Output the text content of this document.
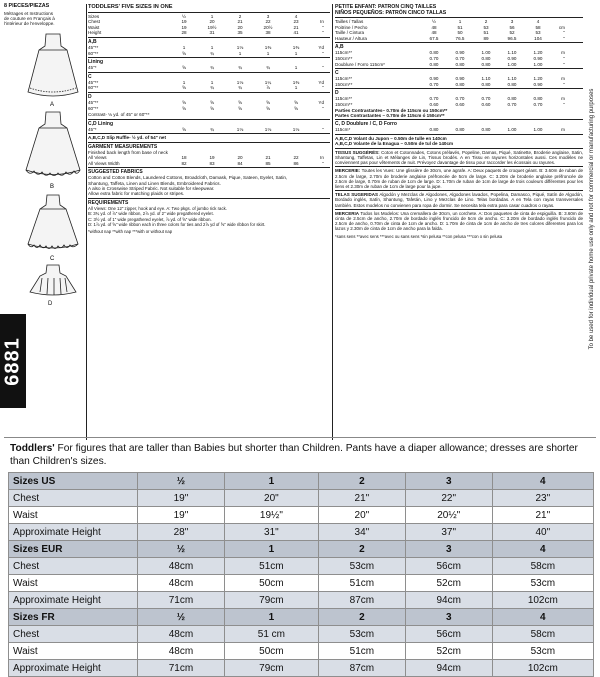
8 PIECES/PIEZAS
Métrages et Instructions
de couture en Français à
l'intérieur de l'enveloppe.
A
B
C
D
6881
TODDLERS' FIVE SIZES IN ONE
Sizes	½	1	2	3	4
Chest	19	20	21	22	23	In
Waist	19	19½	20	20½	21	"
Height	28	31	35	38	41	"
A,B
45"**	1	1	1⅛	1⅜	1⅜	Yd
60"**	⅝	¾	1	1	1	"
Lining
45"*	⅝	¾	¾	¾	1	"
C
45"**	1	1	1⅛	1¼	1⅜	Yd
60"**	⅝	¾	¾	⅞	1	"
D
45"**	⅝	⅝	⅝	⅝	⅝	Yd
60"**	⅝	⅝	⅝	⅝	⅝	"
Contrast- ⅛ yd. of 45" or 60"**
C,D Lining
45"*	⅝	¾	1⅛	1⅛	1⅛	"
A,B,C,D Slip Ruffle- ½ yd. of 54" net
GARMENT MEASUREMENTS
Finished back length from base of neck
All Views	18	19	20	21	22	In
All Views Width	82	83	84	85	86	"
SUGGESTED FABRICS
Cotton and Cotton Blends, Laundered Cottons, Broadcloth, Damask, Pique, Sateen, Eyelet, Satin,
Shantung, Taffeta, Linen and Linen Blends, Embroidered Fabrics.
A also in Crosswise Striped Fabric. Not suitable for sleepwear.
Allow extra fabric for matching plaids or stripes.
REQUIREMENTS
All Views: One 12" zipper, hook and eye. A: Two pkgs. of jumbo rick rack.
B: 3¾ yd. of ⅞" wide ribbon, 2⅞ yd. of 2" wide pregathered eyelet.
C: 3½ yd. of 1" wide pregathered eyelet, ⅞ yd. of ⅝" wide ribbon.
D: 1⅞ yd. of ⅝" wide ribbon each in three colors for ties and 2⅞ yd of ⅝" wide ribbon for skirt.
*without nap **with nap ***with or without nap
PETITE ENFANT: PATRON CINQ TAILLES
NIÑOS PEQUEÑOS: PATRÓN CINCO TALLAS
Tailles / Tallas	½	1	2	3	4
Poitrine / Pecho	48	51	53	56	58	cm
Taille / Cintura	48	50	51	52	53	"
Hauteur / Altura	67.5	76.5	89	96.5	104	"
A,B
115cm**	0.80	0.90	1.00	1.10	1.20	m
150cm**	0.70	0.70	0.80	0.90	0.90	"
Doublure / Forro 115cm*	0.80	0.80	0.80	1.00	1.00	"
C
115cm**	0.90	0.90	1.10	1.10	1.20	m
150cm**	0.70	0.80	0.80	0.80	0.90	"
D
115cm**	0.70	0.70	0.70	0.80	0.80	m
150cm**	0.60	0.60	0.60	0.70	0.70	"
Parties Contrastantes– 0.70m de 115cm ou 150cm**
Partes Contrastantes – 0.70m de 115cm ó 150cm**
C, D Doublure / C, D Forro
115cm*	0.80	0.80	0.80	1.00	1.00	m
A,B,C,D Volant du Jupon – 0.50m de tulle en 140cm
A,B,C,D Volante de la Enagua – 0.50m de tul de 140cm
TISSUS SUGGÉRÉS: Coton et Cotonnades, Cotons prélavés, Popeline, Damas, Piqué, Satinette, Broderie anglaise, Satin, Shantung, Taffetas, Lin et Mélanges de Lin, Tissus brodés. A en Tissu en rayures horizontales aussi. Ces modèles ne conviennent pas pour vêtements de nuit. Prévoyez davantage de tissu pour raccorder les écossais ou rayures.
MERCERIE: Toutes les Vues: Une glissière de 30cm, une agrafe. A: Deux paquets de croquet géant. B: 3.60m de ruban de 2.5cm de large, 2.70m de broderie anglaise préfroncée de 5cm de large. C: 3.20m de broderie anglaise préfroncée de 2.5cm de large, 0.70m de ruban de 1cm de large. D: 1.70m de ruban de 1cm de large de trois couleurs différentes pour les liens et 2.30m de ruban de 1cm de large pour la jupe.
TELAS SUGERIDAS Algodón y Mezclas de Algodones, Algodones lavados, Popelina, Damasco, Piqué, Satín de Algodón, Bordado inglés, Satín, Shantung, Tafetán, Lino y Mezclas de Lino. Telas bordadas. A en Tela con rayas transversales también. Estos modelos no convienen para ropa de dormir. Se necesita tela extra para casar cuadros o rayas.
MERCERIA Todos los Modelos: Una cremallera de 30cm, un corchete. A: Dos paquetes de cinta de espiguilla. B: 3.60m de cinta de 2.5cm de ancho, 2.70m de bordado inglés fruncido de 5cm de ancho. C: 3.20m de bordado inglés fruncido de 2.5cm de ancho, 0.70m de cinta de 1cm de ancho. D: 1.70m de cinta de 1cm de ancho de tres colores diferentes para los lazos y 2.30m de cinta de 1cm de ancho para la falda.
*sans sens **avec sens ***avec ou sans sens *sin pelusa **con pelusa ***con o sin pelusa	To be used for individual private home use only and not for commercial or manufacturing purposes
Toddlers' For figures that are taller than Babies but shorter than Children. Pants have a diaper allowance; dresses are shorter than Children's sizes.
Sizes US	½	1	2	3	4
Chest	19"	20"	21"	22"	23"
Waist	19"	19½"	20"	20½"	21"
Approximate Height	28"	31"	34"	37"	40"
Sizes EUR	½	1	2	3	4
Chest	48cm	51cm	53cm	56cm	58cm
Waist	48cm	50cm	51cm	52cm	53cm
Approximate Height	71cm	79cm	87cm	94cm	102cm
Sizes FR	½	1	2	3	4
Chest	48cm	51 cm	53cm	56cm	58cm
Waist	48cm	50cm	51cm	52cm	53cm
Approximate Height	71cm	79cm	87cm	94cm	102cm
